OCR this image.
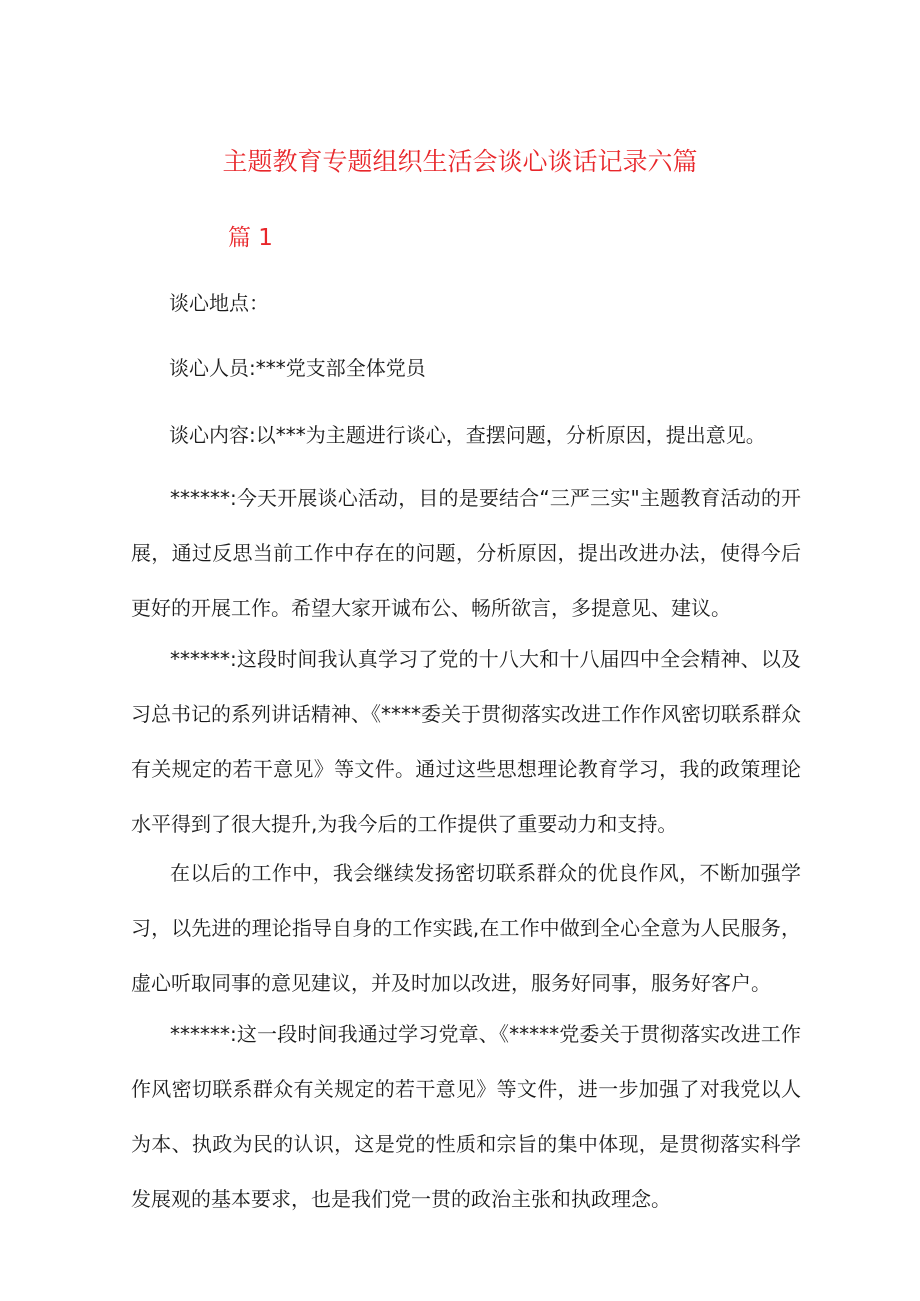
主题教育专题组织生活会谈心谈话记录六篇
篇 1
谈心地点：
谈心人员:***党支部全体党员
谈心内容:以***为主题进行谈心，查摆问题，分析原因，提出意见。

******:今天开展谈心活动，目的是要结合“三严三实"主题教育活动的开展，通过反思当前工作中存在的问题，分析原因，提出改进办法，使得今后更好的开展工作。希望大家开诚布公、畅所欲言，多提意见、建议。

******:这段时间我认真学习了党的十八大和十八届四中全会精神、以及习总书记的系列讲话精神、《****委关于贯彻落实改进工作作风密切联系群众有关规定的若干意见》等文件。通过这些思想理论教育学习，我的政策理论水平得到了很大提升,为我今后的工作提供了重要动力和支持。

在以后的工作中，我会继续发扬密切联系群众的优良作风，不断加强学习，以先进的理论指导自身的工作实践,在工作中做到全心全意为人民服务，虚心听取同事的意见建议，并及时加以改进，服务好同事，服务好客户。

******:这一段时间我通过学习党章、《*****党委关于贯彻落实改进工作作风密切联系群众有关规定的若干意见》等文件，进一步加强了对我党以人为本、执政为民的认识，这是党的性质和宗旨的集中体现，是贯彻落实科学发展观的基本要求，也是我们党一贯的政治主张和执政理念。
